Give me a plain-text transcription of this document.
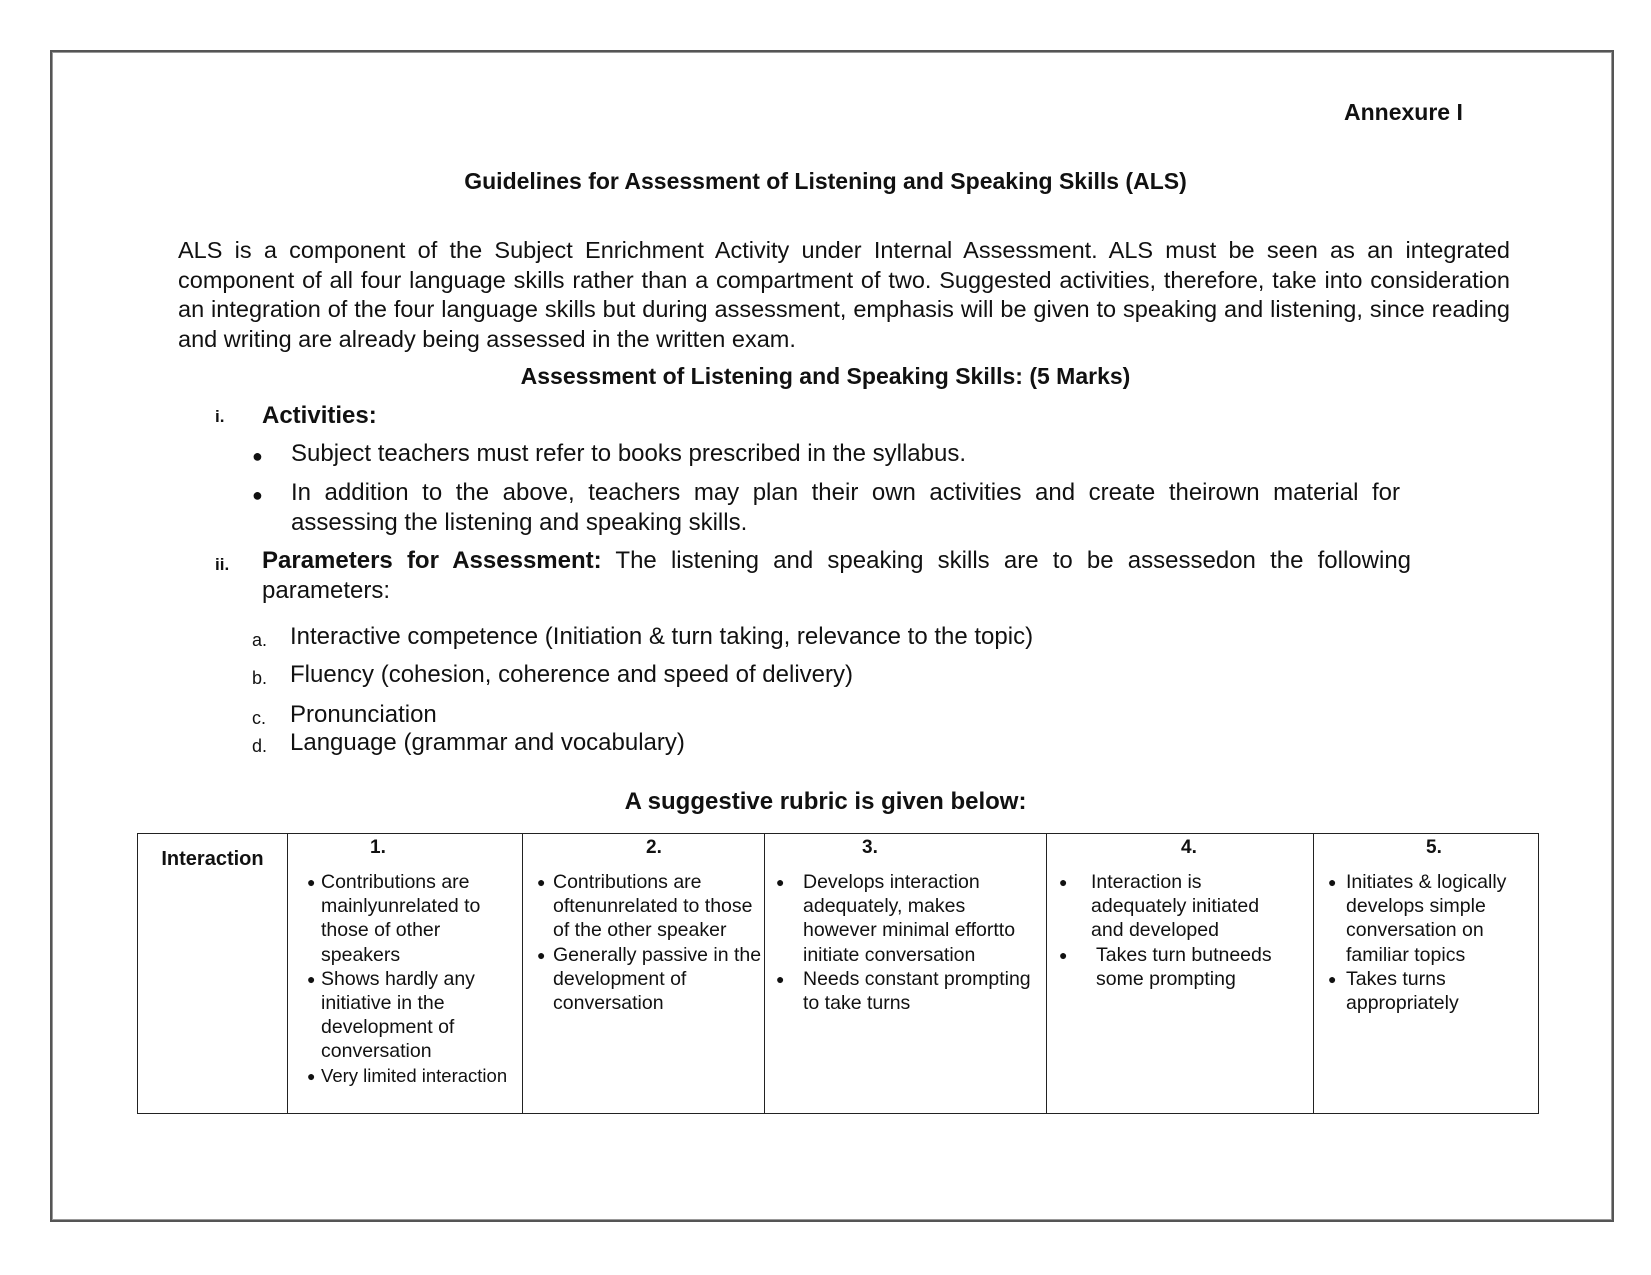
Annexure I
Guidelines for Assessment of Listening and Speaking Skills (ALS)

ALS is a component of the Subject Enrichment Activity under Internal Assessment. ALS must be seen as an integrated component of all four language skills rather than a compartment of two. Suggested activities, therefore, take into consideration an integration of the four language skills but during assessment, emphasis will be given to speaking and listening, since reading and writing are already being assessed in the written exam.

Assessment of Listening and Speaking Skills: (5 Marks)
i. Activities:
● Subject teachers must refer to books prescribed in the syllabus.
● In addition to the above, teachers may plan their own activities and create theirown material for assessing the listening and speaking skills.
ii. Parameters for Assessment: The listening and speaking skills are to be assessedon the following parameters:
a. Interactive competence (Initiation & turn taking, relevance to the topic)
b. Fluency (cohesion, coherence and speed of delivery)
c. Pronunciation
d. Language (grammar and vocabulary)
A suggestive rubric is given below:
Interaction	
1.
● Contributions are mainlyunrelated to those of other speakers
● Shows hardly any initiative in the development of conversation
● Very limited interaction

2.
● Contributions are oftenunrelated to those of the other speaker
● Generally passive in the development of conversation

3.
● Develops interaction adequately, makes however minimal effortto initiate conversation
● Needs constant prompting to take turns

4.
● Interaction is adequately initiated and developed
● Takes turn butneeds some prompting

5.
● Initiates & logically develops simple conversation on familiar topics
● Takes turns appropriately
